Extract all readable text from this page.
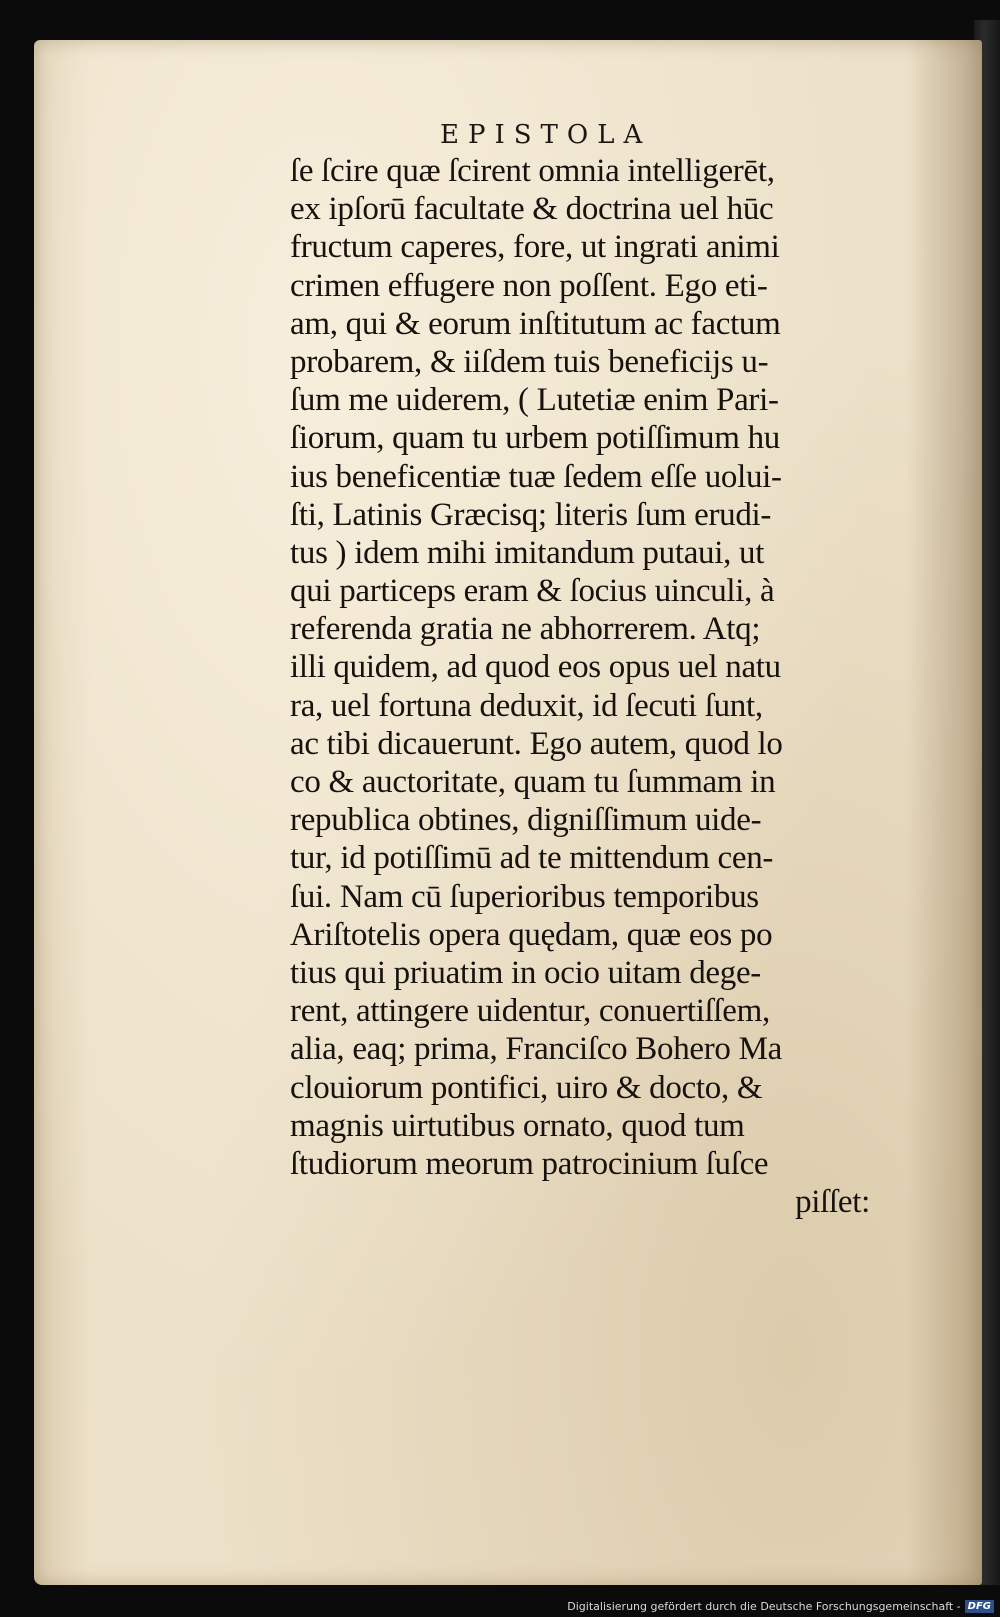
EPISTOLA
ſe ſcire quæ ſcirent omnia intelligerēt,
ex ipſorū facultate & doctrina uel hūc
fructum caperes, fore, ut ingrati animi
crimen effugere non poſſent. Ego eti-
am, qui & eorum inſtitutum ac factum
probarem, & iiſdem tuis beneficijs u-
ſum me uiderem, ( Lutetiæ enim Pari-
ſiorum, quam tu urbem potiſſimum hu
ius beneficentiæ tuæ ſedem eſſe uolui-
ſti, Latinis Græcisq; literis ſum erudi-
tus ) idem mihi imitandum putaui, ut
qui particeps eram & ſocius uinculi, à
referenda gratia ne abhorrerem. Atq;
illi quidem, ad quod eos opus uel natu
ra, uel fortuna deduxit, id ſecuti ſunt,
ac tibi dicauerunt. Ego autem, quod lo
co & auctoritate, quam tu ſummam in
republica obtines, digniſſimum uide-
tur, id potiſſimū ad te mittendum cen-
ſui. Nam cū ſuperioribus temporibus
Ariſtotelis opera quędam, quæ eos po
tius qui priuatim in ocio uitam dege-
rent, attingere uidentur, conuertiſſem,
alia, eaq; prima, Franciſco Bohero Ma
clouiorum pontifici, uiro & docto, &
magnis uirtutibus ornato, quod tum
ſtudiorum meorum patrocinium ſuſce
piſſet:
Digitalisierung gefördert durch die Deutsche Forschungsgemeinschaft - DFG
